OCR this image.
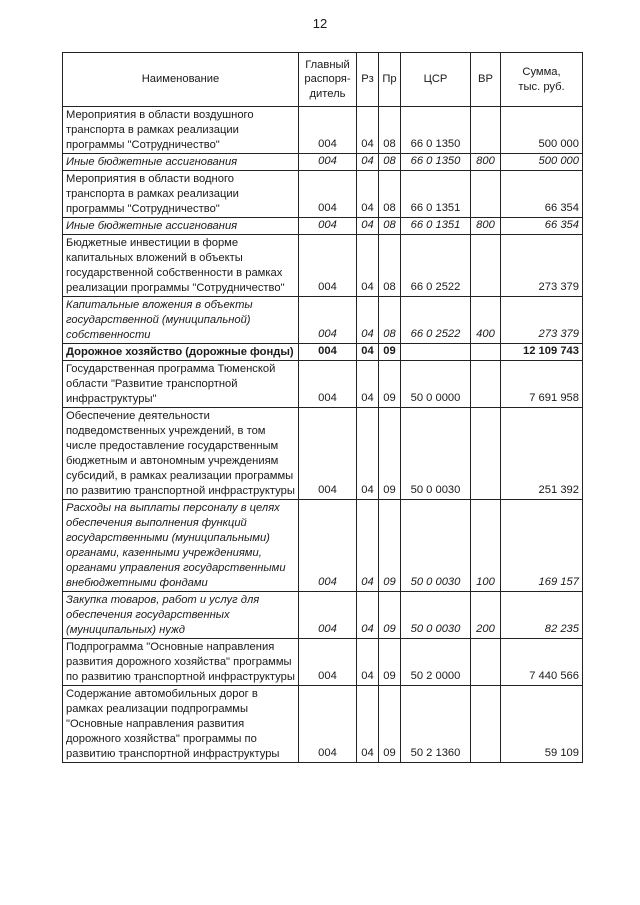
12
Наименование	Главный
распоря-
дитель	Рз	Пр	ЦСР	ВР	Сумма,
тыс. руб.
Мероприятия в области воздушного транспорта в рамках реализации программы "Сотрудничество"	004	04	08	66 0 1350		500 000
Иные бюджетные ассигнования	004	04	08	66 0 1350	800	500 000
Мероприятия в области водного транспорта в рамках реализации программы "Сотрудничество"	004	04	08	66 0 1351		66 354
Иные бюджетные ассигнования	004	04	08	66 0 1351	800	66 354
Бюджетные инвестиции в форме капитальных вложений в объекты государственной собственности в рамках реализации программы "Сотрудничество"	004	04	08	66 0 2522		273 379
Капитальные вложения в объекты государственной (муниципальной) собственности	004	04	08	66 0 2522	400	273 379
Дорожное хозяйство (дорожные фонды)	004	04	09			12 109 743
Государственная программа Тюменской области "Развитие транспортной инфраструктуры"	004	04	09	50 0 0000		7 691 958
Обеспечение деятельности подведомственных учреждений, в том числе предоставление государственным бюджетным и автономным учреждениям субсидий, в рамках реализации программы по развитию транспортной инфраструктуры	004	04	09	50 0 0030		251 392
Расходы на выплаты персоналу в целях обеспечения выполнения функций государственными (муниципальными) органами, казенными учреждениями, органами управления государственными внебюджетными фондами	004	04	09	50 0 0030	100	169 157
Закупка товаров, работ и услуг для обеспечения государственных (муниципальных) нужд	004	04	09	50 0 0030	200	82 235
Подпрограмма "Основные направления развития дорожного хозяйства" программы по развитию транспортной инфраструктуры	004	04	09	50 2 0000		7 440 566
Содержание автомобильных дорог в рамках реализации подпрограммы "Основные направления развития дорожного хозяйства" программы по развитию транспортной инфраструктуры	004	04	09	50 2 1360		59 109
